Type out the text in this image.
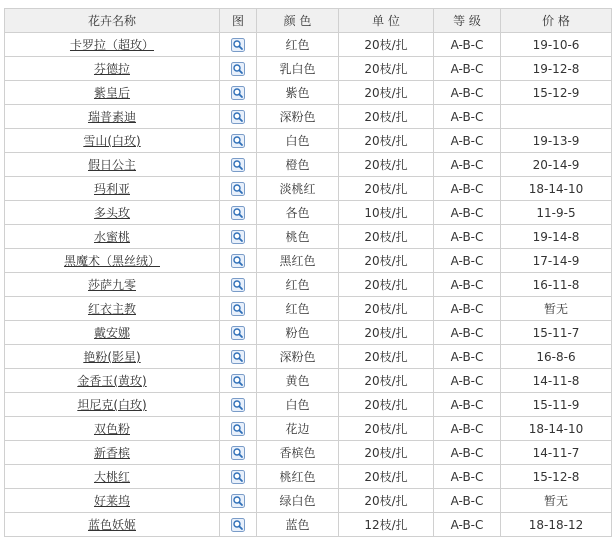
花卉名称	图	颜 色	单 位	等 级	价 格
卡罗拉（超玫）		红色	20枝/扎	A-B-C	19-10-6
芬德拉		乳白色	20枝/扎	A-B-C	19-12-8
紫皇后		紫色	20枝/扎	A-B-C	15-12-9
瑞普素迪		深粉色	20枝/扎	A-B-C	
雪山(白玫)		白色	20枝/扎	A-B-C	19-13-9
假日公主		橙色	20枝/扎	A-B-C	20-14-9
玛利亚		淡桃红	20枝/扎	A-B-C	18-14-10
多头玫		各色	10枝/扎	A-B-C	11-9-5
水蜜桃		桃色	20枝/扎	A-B-C	19-14-8
黑魔术（黑丝绒）		黑红色	20枝/扎	A-B-C	17-14-9
莎萨九零		红色	20枝/扎	A-B-C	16-11-8
红衣主教		红色	20枝/扎	A-B-C	暂无
戴安娜		粉色	20枝/扎	A-B-C	15-11-7
艳粉(影星)		深粉色	20枝/扎	A-B-C	16-8-6
金香玉(黄玫)		黄色	20枝/扎	A-B-C	14-11-8
坦尼克(白玫)		白色	20枝/扎	A-B-C	15-11-9
双色粉		花边	20枝/扎	A-B-C	18-14-10
新香槟		香槟色	20枝/扎	A-B-C	14-11-7
大桃红		桃红色	20枝/扎	A-B-C	15-12-8
好莱坞		绿白色	20枝/扎	A-B-C	暂无
蓝色妖姬		蓝色	12枝/扎	A-B-C	18-18-12
